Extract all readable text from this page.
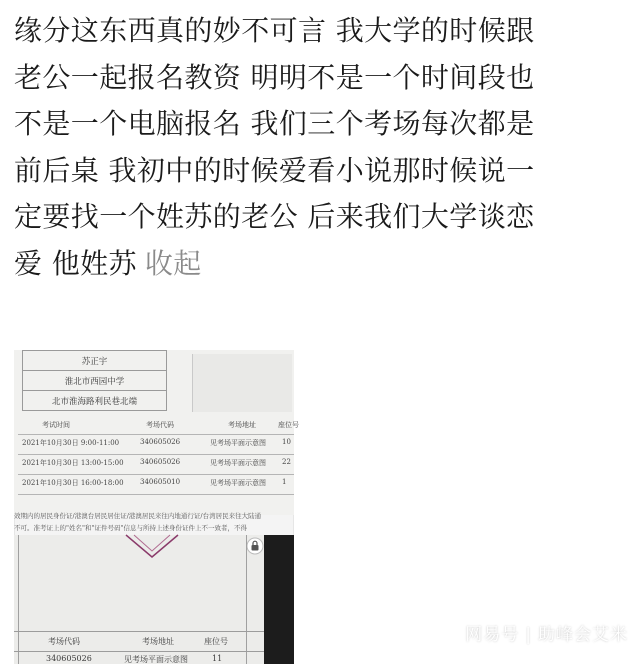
缘分这东西真的妙不可言 我大学的时候跟
老公一起报名教资 明明不是一个时间段也
不是一个电脑报名 我们三个考场每次都是
前后桌 我初中的时候爱看小说那时候说一
定要找一个姓苏的老公 后来我们大学谈恋
爱 他姓苏 收起
苏正宇
淮北市西园中学
北市淮海路利民巷北端
考试时间	考场代码	考场地址	座位号
2021年10月30日 9:00-11:00	340605026	见考场平面示意图 10
2021年10月30日 13:00-15:00 340605026	见考场平面示意图 22
2021年10月30日 16:00-18:00 340605010	见考场平面示意图 1
效期内的居民身份证/港澳台居民居住证/港澳居民来往内地通行证/台湾居民来往大陆通
不可。准考证上的"姓名"和"证件号码"信息与所持上述身份证件上不一致者，不得
考场代码	考场地址	座位号
340605026	见考场平面示意图	11
网易号 | 助峰会艾米
